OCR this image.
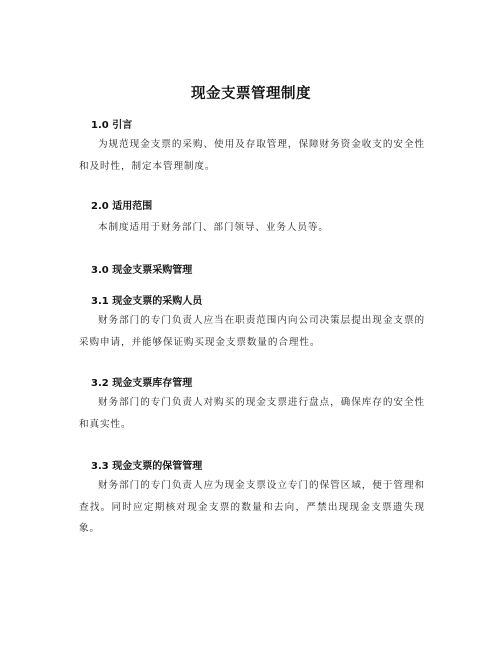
现金支票管理制度
1.0 引言
为规范现金支票的采购、使用及存取管理，保障财务资金收支的安全性和及时性，制定本管理制度。
2.0 适用范围
本制度适用于财务部门、部门领导、业务人员等。
3.0 现金支票采购管理
3.1 现金支票的采购人员
财务部门的专门负责人应当在职责范围内向公司决策层提出现金支票的采购申请，并能够保证购买现金支票数量的合理性。
3.2 现金支票库存管理
财务部门的专门负责人对购买的现金支票进行盘点，确保库存的安全性和真实性。
3.3 现金支票的保管管理
财务部门的专门负责人应为现金支票设立专门的保管区域，便于管理和查找。同时应定期核对现金支票的数量和去向，严禁出现现金支票遗失现象。
